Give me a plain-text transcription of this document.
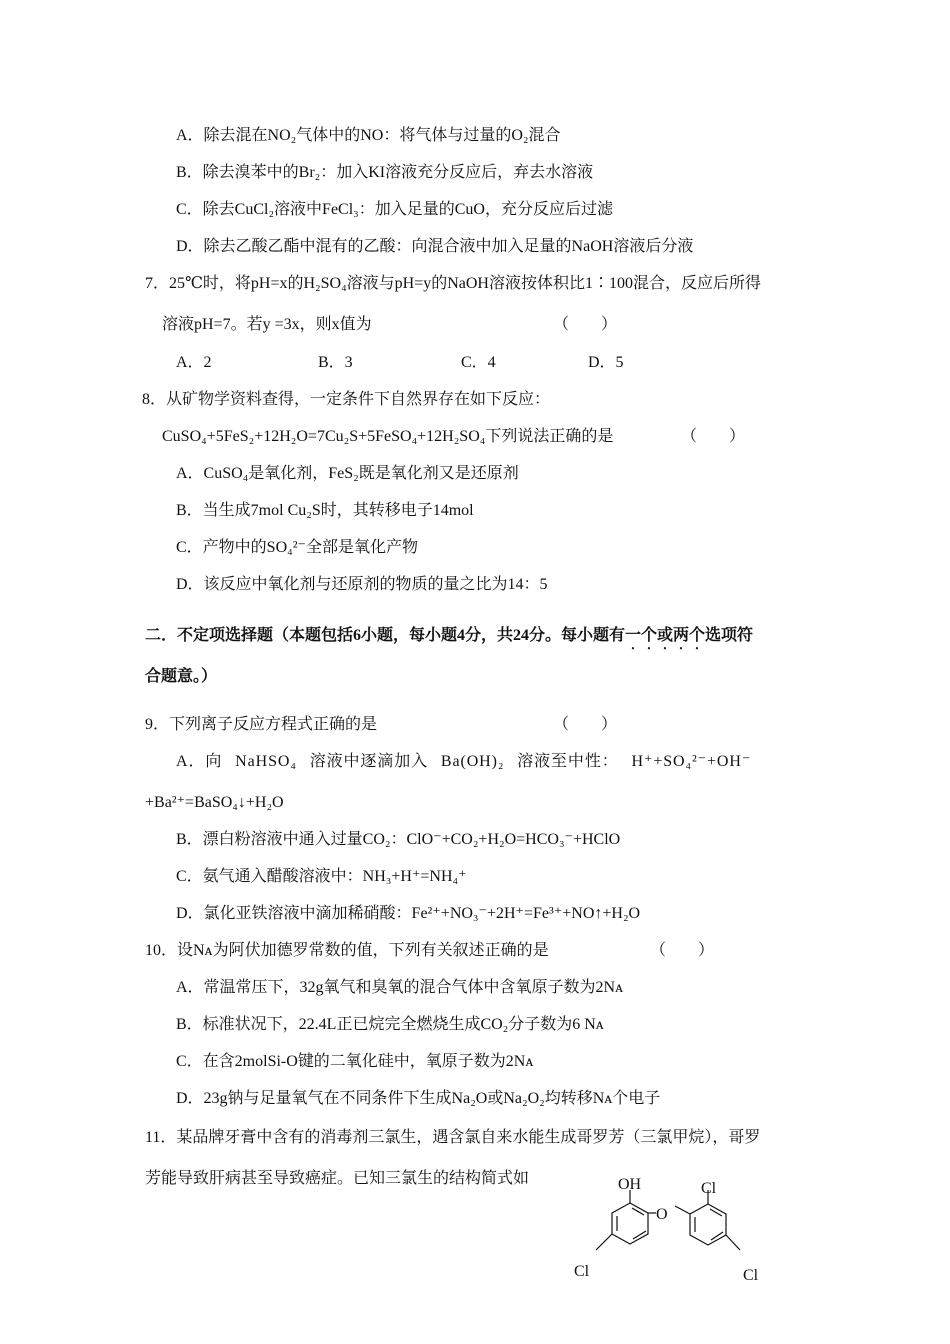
A．除去混在NO₂气体中的NO：将气体与过量的O₂混合
B．除去溴苯中的Br₂：加入KI溶液充分反应后，弃去水溶液
C．除去CuCl₂溶液中FeCl₃：加入足量的CuO，充分反应后过滤
D．除去乙酸乙酯中混有的乙酸：向混合液中加入足量的NaOH溶液后分液
7．25℃时，将pH=x的H₂SO₄溶液与pH=y的NaOH溶液按体积比1∶100混合，反应后所得
溶液pH=7。若y =3x，则x值为	（　　）
A．2	B．3	C．4	D．5
8．从矿物学资料查得，一定条件下自然界存在如下反应：
CuSO₄+5FeS₂+12H₂O=7Cu₂S+5FeSO₄+12H₂SO₄下列说法正确的是	（　　）
A．CuSO₄是氧化剂，FeS₂既是氧化剂又是还原剂
B．当生成7mol Cu₂S时，其转移电子14mol
C．产物中的SO₄²⁻全部是氧化产物
D．该反应中氧化剂与还原剂的物质的量之比为14：5
二．不定项选择题（本题包括6小题，每小题4分，共24分。每小题有一个或两个选项符
合题意。）
9．下列离子反应方程式正确的是	（　　）
A．向 NaHSO₄ 溶液中逐滴加入 Ba(OH)₂ 溶液至中性： H⁺+SO₄²⁻+OH⁻
+Ba²⁺=BaSO₄↓+H₂O
B．漂白粉溶液中通入过量CO₂：ClO⁻+CO₂+H₂O=HCO₃⁻+HClO
C．氨气通入醋酸溶液中：NH₃+H⁺=NH₄⁺
D．氯化亚铁溶液中滴加稀硝酸：Fe²⁺+NO₃⁻+2H⁺=Fe³⁺+NO↑+H₂O
10．设Nᴀ为阿伏加德罗常数的值，下列有关叙述正确的是	（　　）
A．常温常压下，32g氧气和臭氧的混合气体中含氧原子数为2Nᴀ
B．标准状况下，22.4L正已烷完全燃烧生成CO₂分子数为6 Nᴀ
C．在含2molSi-O键的二氧化硅中，氧原子数为2Nᴀ
D．23g钠与足量氧气在不同条件下生成Na₂O或Na₂O₂均转移Nᴀ个电子
11．某品牌牙膏中含有的消毒剂三氯生，遇含氯自来水能生成哥罗芳（三氯甲烷），哥罗
芳能导致肝病甚至导致癌症。已知三氯生的结构简式如	OH
O
Cl
Cl	Cl
